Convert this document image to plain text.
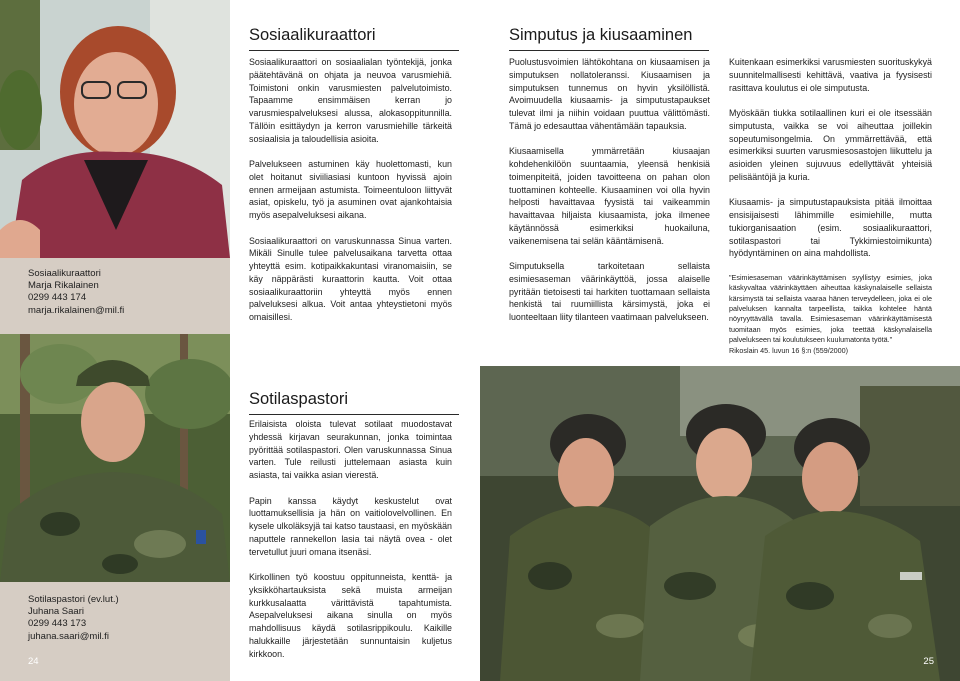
Sosiaalikuraattori

Marja Rikalainen

0299 443 174

marja.rikalainen@mil.fi

Sotilaspastori (ev.lut.)

Juhana Saari

0299 443 173

juhana.saari@mil.fi

24
Sosiaalikuraattori

Sosiaalikuraattori on sosiaalialan työntekijä, jonka päätehtävänä on ohjata ja neuvoa varusmiehiä. Toimistoni onkin varusmiesten palvelutoimisto. Tapaamme ensimmäisen kerran jo varusmiespalveluksesi alussa, alokasoppitunnilla. Tällöin esittäydyn ja kerron varusmiehille tärkeitä sosiaalisia ja taloudellisia asioita.

Palvelukseen astuminen käy huolettomasti, kun olet hoitanut siviiliasiasi kuntoon hyvissä ajoin ennen armeijaan astumista. Toimeentuloon liittyvät asiat, opiskelu, työ ja asuminen ovat ajankohtaisia myös asepalveluksesi aikana.

Sosiaalikuraattori on varuskunnassa Sinua varten. Mikäli Sinulle tulee palvelusaikana tarvetta ottaa yhteyttä esim. kotipaikkakuntasi viranomaisiin, se käy näppärästi kuraattorin kautta. Voit ottaa sosiaalikuraattoriin yhteyttä myös ennen palveluksesi alkua. Voit antaa yhteystietoni myös omaisillesi.

Sotilaspastori

Erilaisista oloista tulevat sotilaat muodostavat yhdessä kirjavan seurakunnan, jonka toimintaa pyörittää sotilaspastori. Olen varuskunnassa Sinua varten. Tule reilusti juttelemaan asiasta kuin asiasta, tai vaikka asian vierestä.

Papin kanssa käydyt keskustelut ovat luottamuksellisia ja hän on vaitiolovelvollinen. En kysele ulkoläksyjä tai katso taustaasi, en myöskään naputtele rannekellon lasia tai näytä ovea - olet tervetullut juuri omana itsenäsi.

Kirkollinen työ koostuu oppitunneista, kenttä- ja yksikköhartauksista sekä muista armeijan kurkkusalaatta värittävistä tapahtumista. Asepalveluksesi aikana sinulla on myös mahdollisuus käydä sotilasrippikoulu. Kaikille halukkaille järjestetään sunnuntaisin kuljetus kirkkoon.

Simputus ja kiusaaminen

Puolustusvoimien lähtökohtana on kiusaamisen ja simputuksen nollatoleranssi. Kiusaamisen ja simputuksen tunnemus on hyvin yksilöllistä. Avoimuudella kiusaamis- ja simputustapaukset tulevat ilmi ja niihin voidaan puuttua välittömästi. Tämä jo edesauttaa vähentämään tapauksia.

Kiusaamisella ymmärretään kiusaajan kohdehenkilöön suuntaamia, yleensä henkisiä toimenpiteitä, joiden tavoitteena on pahan olon tuottaminen kohteelle. Kiusaaminen voi olla hyvin helposti havaittavaa fyysistä tai vaikeammin havaittavaa hiljaista kiusaamista, joka ilmenee käytännössä esimerkiksi huokailuna, vaikenemisena tai selän kääntämisenä.

Simputuksella tarkoitetaan sellaista esimiesaseman väärinkäyttöä, jossa alaiselle pyritään tietoisesti tai harkiten tuottamaan sellaista henkistä tai ruumiillista kärsimystä, joka ei luonteeltaan liity tilanteen vaatimaan palvelukseen.

Kuitenkaan esimerkiksi varusmiesten suorituskykyä suunnitelmallisesti kehittävä, vaativa ja fyysisesti rasittava koulutus ei ole simputusta.

Myöskään tiukka sotilaallinen kuri ei ole itsessään simputusta, vaikka se voi aiheuttaa joillekin sopeutumisongelmia. On ymmärrettävää, että esimerkiksi suurten varusmiesosastojen liikuttelu ja asioiden yleinen sujuvuus edellyttävät yhteisiä pelisääntöjä ja kuria.

Kiusaamis- ja simputustapauksista pitää ilmoittaa ensisijaisesti lähimmille esimiehille, mutta tukiorganisaation (esim. sosiaalikuraattori, sotilaspastori tai Tykkimiestoimikunta) hyödyntäminen on aina mahdollista.

"Esimiesaseman väärinkäyttämisen syyllistyy esimies, joka käskyvaltaa väärinkäyttäen aiheuttaa käskynalaiselle sellaista kärsimystä tai sellaista vaaraa hänen terveydelleen, joka ei ole palveluksen kannalta tarpeellista, taikka kohtelee häntä nöyryyttävällä tavalla. Esimiesaseman väärinkäyttämisestä tuomitaan myös esimies, joka teettää käskynalaisella palvelukseen tai koulutukseen kuulumatonta työtä."
Rikoslain 45. luvun 16 §:n (559/2000)

25
